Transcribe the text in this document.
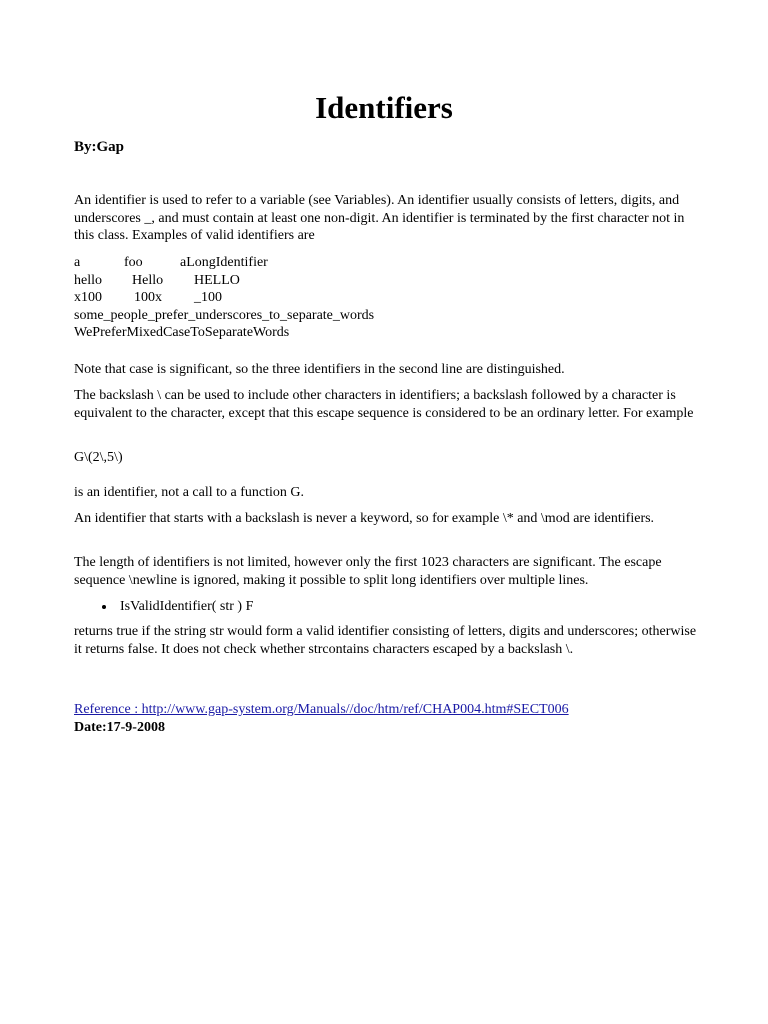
Identifiers

By:Gap

An identifier is used to refer to a variable (see Variables). An identifier usually consists of letters, digits, and underscores _, and must contain at least one non-digit. An identifier is terminated by the first character not in this class. Examples of valid identifiers are

a	foo	aLongIdentifier
hello	Hello	HELLO
x100	100x	_100
some_people_prefer_underscores_to_separate_words
WePreferMixedCaseToSeparateWords

Note that case is significant, so the three identifiers in the second line are distinguished.

The backslash \ can be used to include other characters in identifiers; a backslash followed by a character is equivalent to the character, except that this escape sequence is considered to be an ordinary letter. For example

G\(2\,5\)

is an identifier, not a call to a function G.

An identifier that starts with a backslash is never a keyword, so for example \* and \mod are identifiers.

The length of identifiers is not limited, however only the first 1023 characters are significant. The escape sequence \newline is ignored, making it possible to split long identifiers over multiple lines.

IsValidIdentifier( str ) F

returns true if the string str would form a valid identifier consisting of letters, digits and underscores; otherwise it returns false. It does not check whether strcontains characters escaped by a backslash \.

Reference : http://www.gap-system.org/Manuals//doc/htm/ref/CHAP004.htm#SECT006
Date:17-9-2008
